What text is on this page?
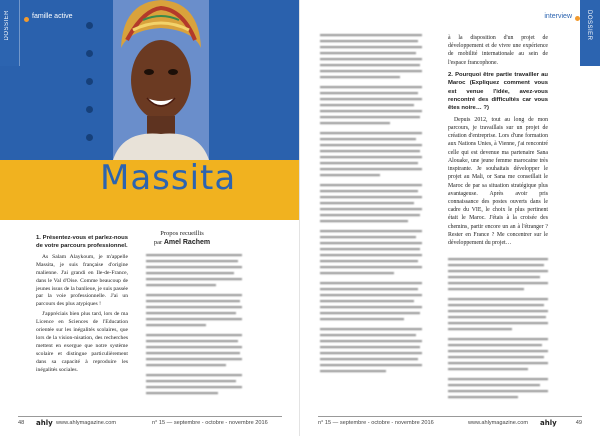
Massita
DOSSIER	famille active
1. Présentez-vous et parlez-nous de votre parcours professionnel.

As Salam Alaykoum, je m'appelle Massita, je suis française d'origine malienne. J'ai grandi en Ile-de-France, dans le Val d'Oise. Comme beaucoup de jeunes issus de la banlieue, je suis passée par la voie professionnelle. J'ai un parcours des plus atypiques !

J'appréciais bien plus tard, lors de ma Licence en Sciences de l'Education orientée sur les inégalités scolaires, que lors de la vision-nisation, des recherches mettent en exergue que notre système scolaire et distingue particulièrement dans sa capacité à reproduire les inégalités sociales.

Propos recueillis
par Amel Rachem
48 ahly www.ahlymagazine.com	n° 15 — septembre - octobre - novembre 2016
interview DOSSIER

à la disposition d'un projet de développement et de vivre une expérience de mobilité internationale au sein de l'espace francophone.

2. Pourquoi être partie travailler au Maroc (Expliquez comment vous est venue l'idée, avez-vous rencontré des difficultés car vous êtes noire… ?)

Depuis 2012, tout au long de mon parcours, je travaillais sur un projet de création d'entreprise. Lors d'une formation aux Nations Unies, à Vienne, j'ai rencontré celle qui est devenue ma partenaire Sana Alouake, une jeune femme marocaine très inspirante. Je souhaitais développer le projet au Mali, or Sana me conseillait le Maroc de par sa situation stratégique plus avantageuse. Après avoir pris connaissance des postes ouverts dans le cadre du VIE, le choix le plus pertinent était le Maroc. J'étais à la croisée des chemins, partir encore un an à l'étranger ? Rester en France ? Me concentrer sur le développement du projet…

n° 15 — septembre - octobre - novembre 2016	www.ahlymagazine.com ahly	49
